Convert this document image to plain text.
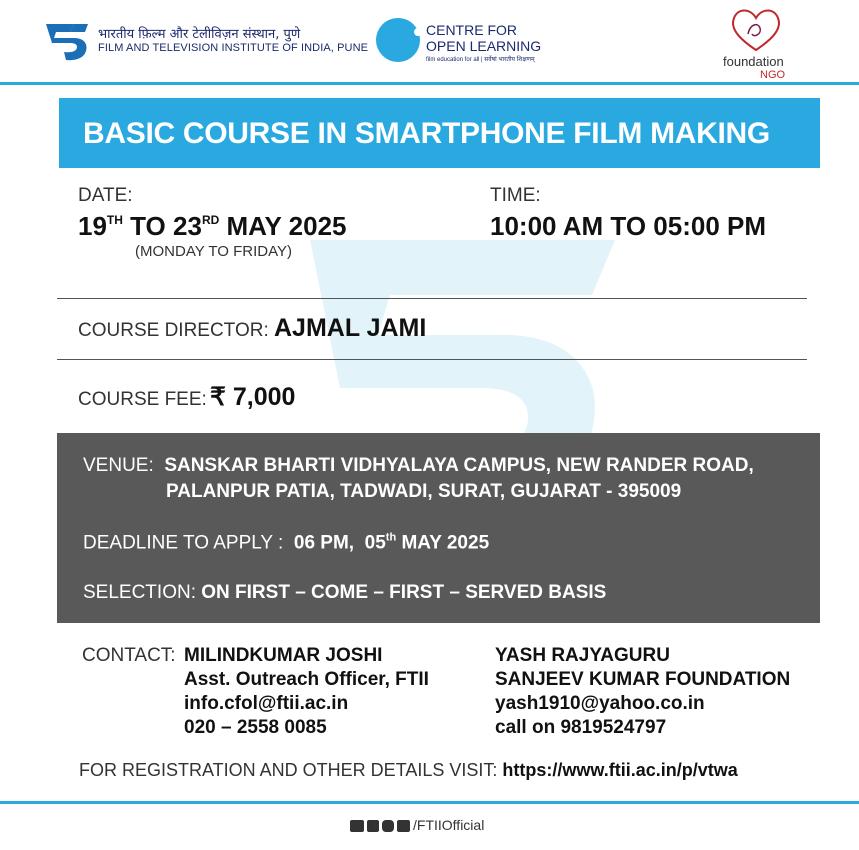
भारतीय फ़िल्म और टेलीविज़न संस्थान, पुणे
FILM AND TELEVISION INSTITUTE OF INDIA, PUNE
CENTRE FOR
OPEN LEARNING
film education for all | सर्वेषां भारतीय शिक्षणम्	foundation
NGO
BASIC COURSE IN SMARTPHONE FILM MAKING
DATE:
19TH TO 23RD MAY 2025
(MONDAY TO FRIDAY)
TIME:
10:00 AM TO 05:00 PM
COURSE DIRECTOR: AJMAL JAMI
COURSE FEE: ₹ 7,000
VENUE: SANSKAR BHARTI VIDHYALAYA CAMPUS, NEW RANDER ROAD,
PALANPUR PATIA, TADWADI, SURAT, GUJARAT - 395009
DEADLINE TO APPLY : 06 PM, 05th MAY 2025
SELECTION: ON FIRST – COME – FIRST – SERVED BASIS
CONTACT: MILINDKUMAR JOSHI
Asst. Outreach Officer, FTII
info.cfol@ftii.ac.in
020 – 2558 0085
YASH RAJYAGURU
SANJEEV KUMAR FOUNDATION
yash1910@yahoo.co.in
call on 9819524797
FOR REGISTRATION AND OTHER DETAILS VISIT: https://www.ftii.ac.in/p/vtwa
/FTIIOfficial
